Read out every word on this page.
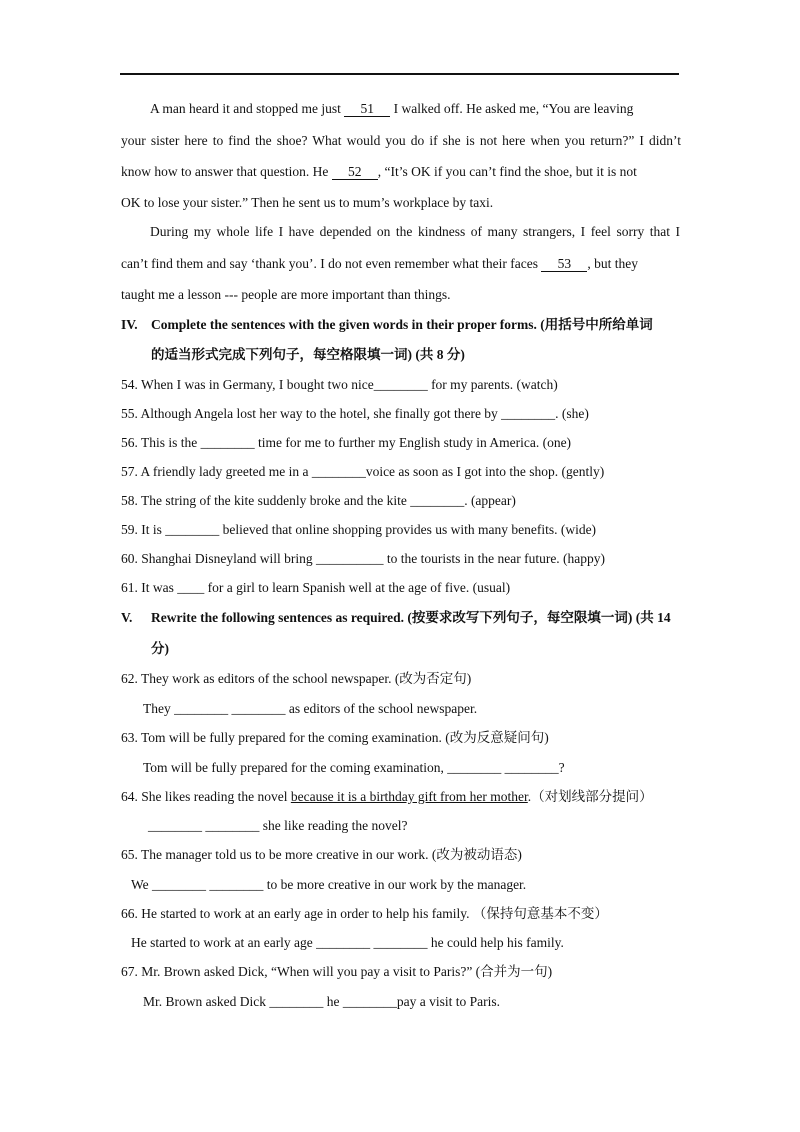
A man heard it and stopped me just 51 I walked off. He asked me, “You are leaving
your sister here to find the shoe? What would you do if she is not here when you return?” I didn’t
know how to answer that question. He 52 , “It’s OK if you can’t find the shoe, but it is not
OK to lose your sister.” Then he sent us to mum’s workplace by taxi.
During my whole life I have depended on the kindness of many strangers, I feel sorry that I
can’t find them and say ‘thank you’. I do not even remember what their faces 53 , but they
taught me a lesson --- people are more important than things.
IV. Complete the sentences with the given words in their proper forms. (用括号中所给单词
的适当形式完成下列句子，每空格限填一词) (共 8 分)
54. When I was in Germany, I bought two nice________ for my parents. (watch)
55. Although Angela lost her way to the hotel, she finally got there by ________. (she)
56. This is the ________ time for me to further my English study in America. (one)
57. A friendly lady greeted me in a ________voice as soon as I got into the shop. (gently)
58. The string of the kite suddenly broke and the kite ________. (appear)
59. It is ________ believed that online shopping provides us with many benefits. (wide)
60. Shanghai Disneyland will bring __________ to the tourists in the near future. (happy)
61. It was ____ for a girl to learn Spanish well at the age of five. (usual)
V. Rewrite the following sentences as required. (按要求改写下列句子，每空限填一词) (共 14
分)
62. They work as editors of the school newspaper. (改为否定句)
They ________ ________ as editors of the school newspaper.
63. Tom will be fully prepared for the coming examination. (改为反意疑问句)
Tom will be fully prepared for the coming examination, ________ ________?
64. She likes reading the novel because it is a birthday gift from her mother.（对划线部分提问）
________ ________ she like reading the novel?
65. The manager told us to be more creative in our work. (改为被动语态)
We ________ ________ to be more creative in our work by the manager.
66. He started to work at an early age in order to help his family. （保持句意基本不变）
He started to work at an early age ________ ________ he could help his family.
67. Mr. Brown asked Dick, “When will you pay a visit to Paris?” (合并为一句)
Mr. Brown asked Dick ________ he ________pay a visit to Paris.
